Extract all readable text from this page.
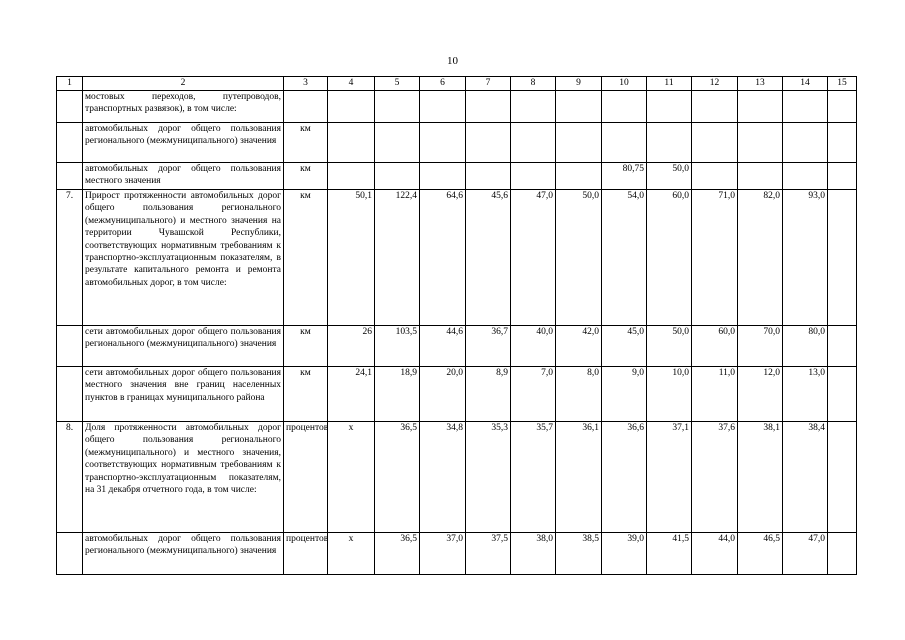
10
1	2	3	4	5	6	7	8	9	10	11	12	13	14	15
	мостовых переходов, путепроводов, транспортных развязок), в том числе:													
	автомобильных дорог общего пользования регионального (межмуниципального) значения	км												
	автомобильных дорог общего пользования местного значения	км							80,75	50,0				
7.	Прирост протяженности автомобильных дорог общего пользования регионального (межмуниципального) и местного значения на территории Чувашской Республики, соответствующих нормативным требованиям к транспортно-эксплуатационным показателям, в результате капитального ремонта и ремонта автомобильных дорог, в том числе:	км	50,1	122,4	64,6	45,6	47,0	50,0	54,0	60,0	71,0	82,0	93,0	
	сети автомобильных дорог общего пользования регионального (межмуниципального) значения	км	26	103,5	44,6	36,7	40,0	42,0	45,0	50,0	60,0	70,0	80,0	
	сети автомобильных дорог общего пользования местного значения вне границ населенных пунктов в границах муниципального района	км	24,1	18,9	20,0	8,9	7,0	8,0	9,0	10,0	11,0	12,0	13,0	
8.	Доля протяженности автомобильных дорог общего пользования регионального (межмуниципального) и местного значения, соответствующих нормативным требованиям к транспортно-эксплуатационным показателям, на 31 декабря отчетного года, в том числе:	процентов	x	36,5	34,8	35,3	35,7	36,1	36,6	37,1	37,6	38,1	38,4	
	автомобильных дорог общего пользования регионального (межмуниципального) значения	процентов	x	36,5	37,0	37,5	38,0	38,5	39,0	41,5	44,0	46,5	47,0	
